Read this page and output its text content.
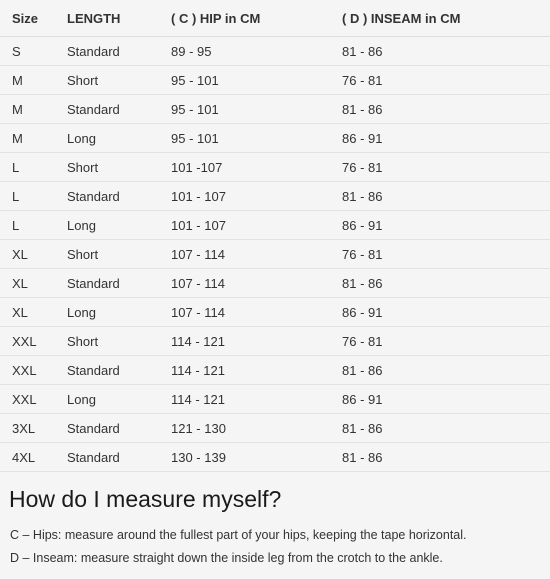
Size	LENGTH	( C ) HIP in CM	( D ) INSEAM in CM
S	Standard	89 - 95	81 - 86
M	Short	95 - 101	76 - 81
M	Standard	95 - 101	81 - 86
M	Long	95 - 101	86 - 91
L	Short	101 -107	76 - 81
L	Standard	101 - 107	81 - 86
L	Long	101 - 107	86 - 91
XL	Short	107 - 114	76 - 81
XL	Standard	107 - 114	81 - 86
XL	Long	107 - 114	86 - 91
XXL	Short	114 - 121	76 - 81
XXL	Standard	114 - 121	81 - 86
XXL	Long	114 - 121	86 - 91
3XL	Standard	121 - 130	81 - 86
4XL	Standard	130 - 139	81 - 86
How do I measure myself?

C – Hips: measure around the fullest part of your hips, keeping the tape horizontal.

D – Inseam: measure straight down the inside leg from the crotch to the ankle.
